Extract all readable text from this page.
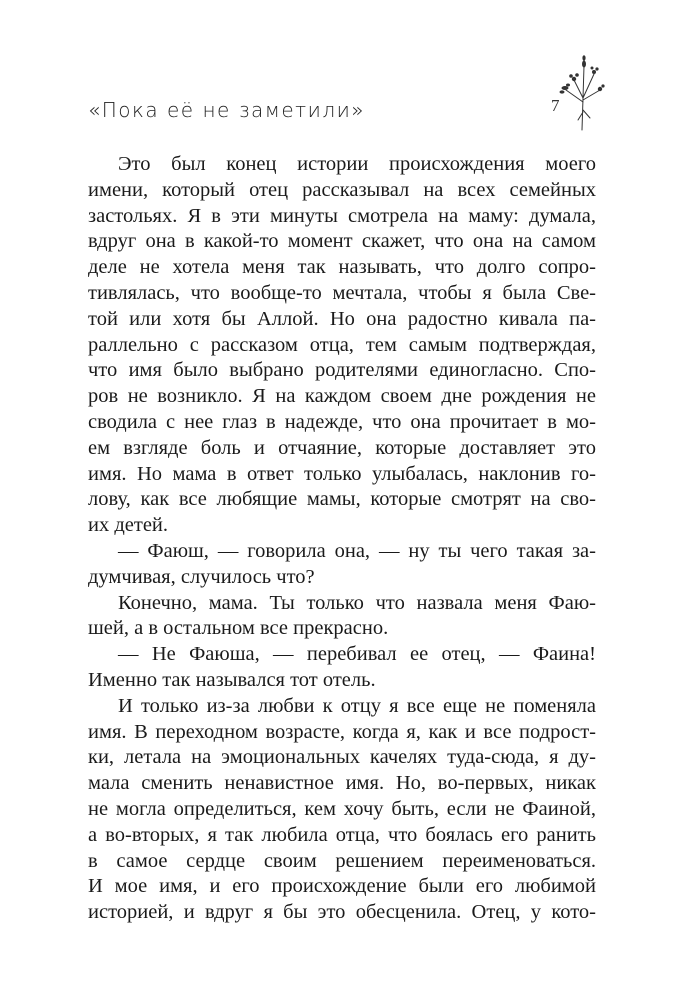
«Пока её не заметили»	7
Это был конец истории происхождения моего
имени, который отец рассказывал на всех семейных
застольях. Я в эти минуты смотрела на маму: думала,
вдруг она в какой-то момент скажет, что она на самом
деле не хотела меня так называть, что долго сопро-
тивлялась, что вообще-то мечтала, чтобы я была Све-
той или хотя бы Аллой. Но она радостно кивала па-
раллельно с рассказом отца, тем самым подтверждая,
что имя было выбрано родителями единогласно. Спо-
ров не возникло. Я на каждом своем дне рождения не
сводила с нее глаз в надежде, что она прочитает в мо-
ем взгляде боль и отчаяние, которые доставляет это
имя. Но мама в ответ только улыбалась, наклонив го-
лову, как все любящие мамы, которые смотрят на сво-
их детей.
— Фаюш, — говорила она, — ну ты чего такая за-
думчивая, случилось что?
Конечно, мама. Ты только что назвала меня Фаю-
шей, а в остальном все прекрасно.
— Не Фаюша, — перебивал ее отец, — Фаина!
Именно так назывался тот отель.
И только из-за любви к отцу я все еще не поменяла
имя. В переходном возрасте, когда я, как и все подрост-
ки, летала на эмоциональных качелях туда-сюда, я ду-
мала сменить ненавистное имя. Но, во-первых, никак
не могла определиться, кем хочу быть, если не Фаиной,
а во-вторых, я так любила отца, что боялась его ранить
в самое сердце своим решением переименоваться.
И мое имя, и его происхождение были его любимой
историей, и вдруг я бы это обесценила. Отец, у кото-
